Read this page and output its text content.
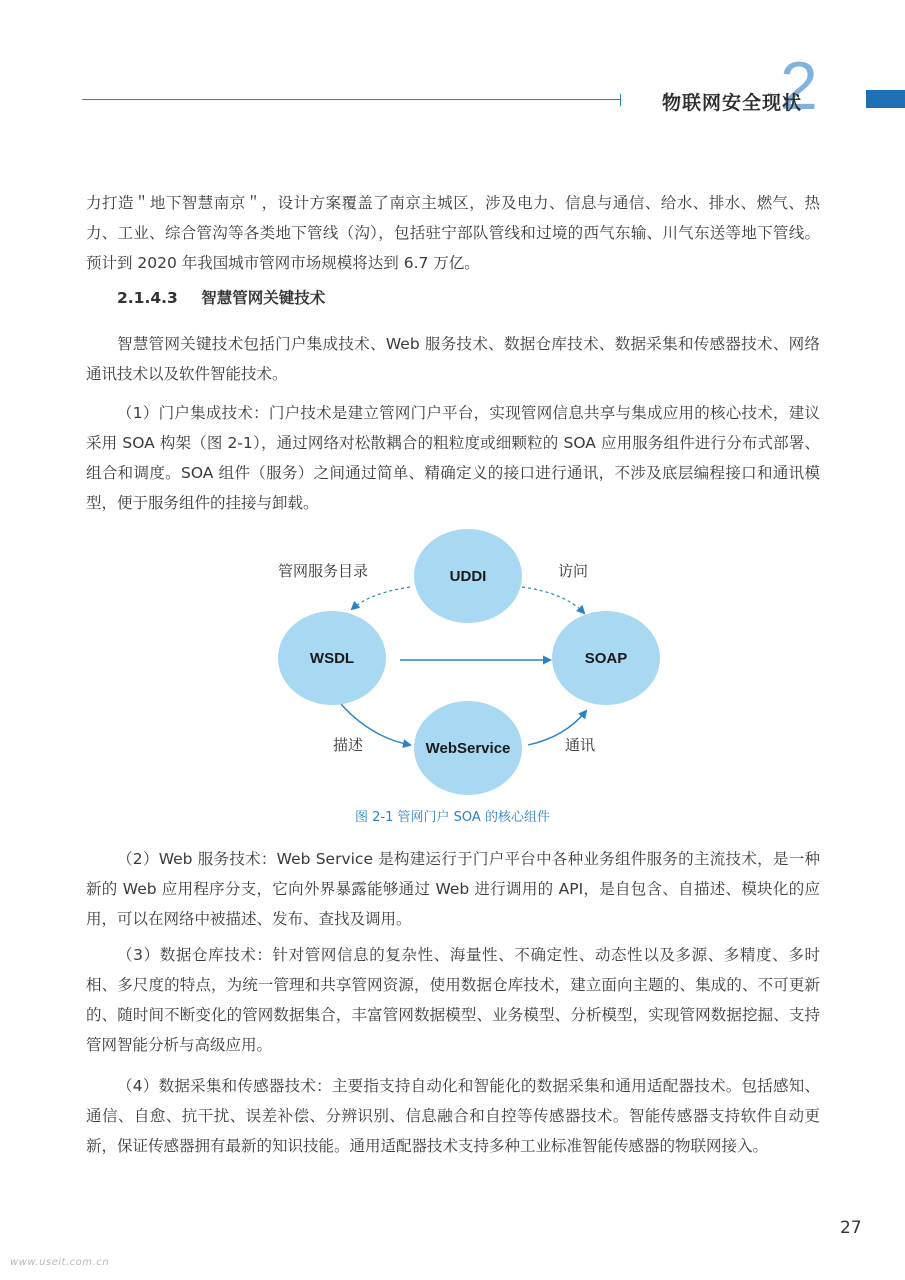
2
物联网安全现状

力打造＂地下智慧南京＂，设计方案覆盖了南京主城区，涉及电力、信息与通信、给水、排水、燃气、热力、工业、综合管沟等各类地下管线（沟），包括驻宁部队管线和过境的西气东输、川气东送等地下管线。预计到 2020 年我国城市管网市场规模将达到 6.7 万亿。

2.1.4.3 智慧管网关键技术

智慧管网关键技术包括门户集成技术、Web 服务技术、数据仓库技术、数据采集和传感器技术、网络通讯技术以及软件智能技术。

（1）门户集成技术：门户技术是建立管网门户平台，实现管网信息共享与集成应用的核心技术，建议采用 SOA 构架（图 2-1），通过网络对松散耦合的粗粒度或细颗粒的 SOA 应用服务组件进行分布式部署、组合和调度。SOA 组件（服务）之间通过简单、精确定义的接口进行通讯，不涉及底层编程接口和通讯模型，便于服务组件的挂接与卸载。

UDDI
WSDL	SOAP
WebService
管网服务目录	访问
描述	通讯
图 2-1 管网门户 SOA 的核心组件

（2）Web 服务技术：Web Service 是构建运行于门户平台中各种业务组件服务的主流技术，是一种新的 Web 应用程序分支，它向外界暴露能够通过 Web 进行调用的 API，是自包含、自描述、模块化的应用，可以在网络中被描述、发布、查找及调用。

（3）数据仓库技术：针对管网信息的复杂性、海量性、不确定性、动态性以及多源、多精度、多时相、多尺度的特点，为统一管理和共享管网资源，使用数据仓库技术，建立面向主题的、集成的、不可更新的、随时间不断变化的管网数据集合，丰富管网数据模型、业务模型、分析模型，实现管网数据挖掘、支持管网智能分析与高级应用。

（4）数据采集和传感器技术：主要指支持自动化和智能化的数据采集和通用适配器技术。包括感知、通信、自愈、抗干扰、误差补偿、分辨识别、信息融合和自控等传感器技术。智能传感器支持软件自动更新，保证传感器拥有最新的知识技能。通用适配器技术支持多种工业标准智能传感器的物联网接入。

27
www.useit.com.cn
